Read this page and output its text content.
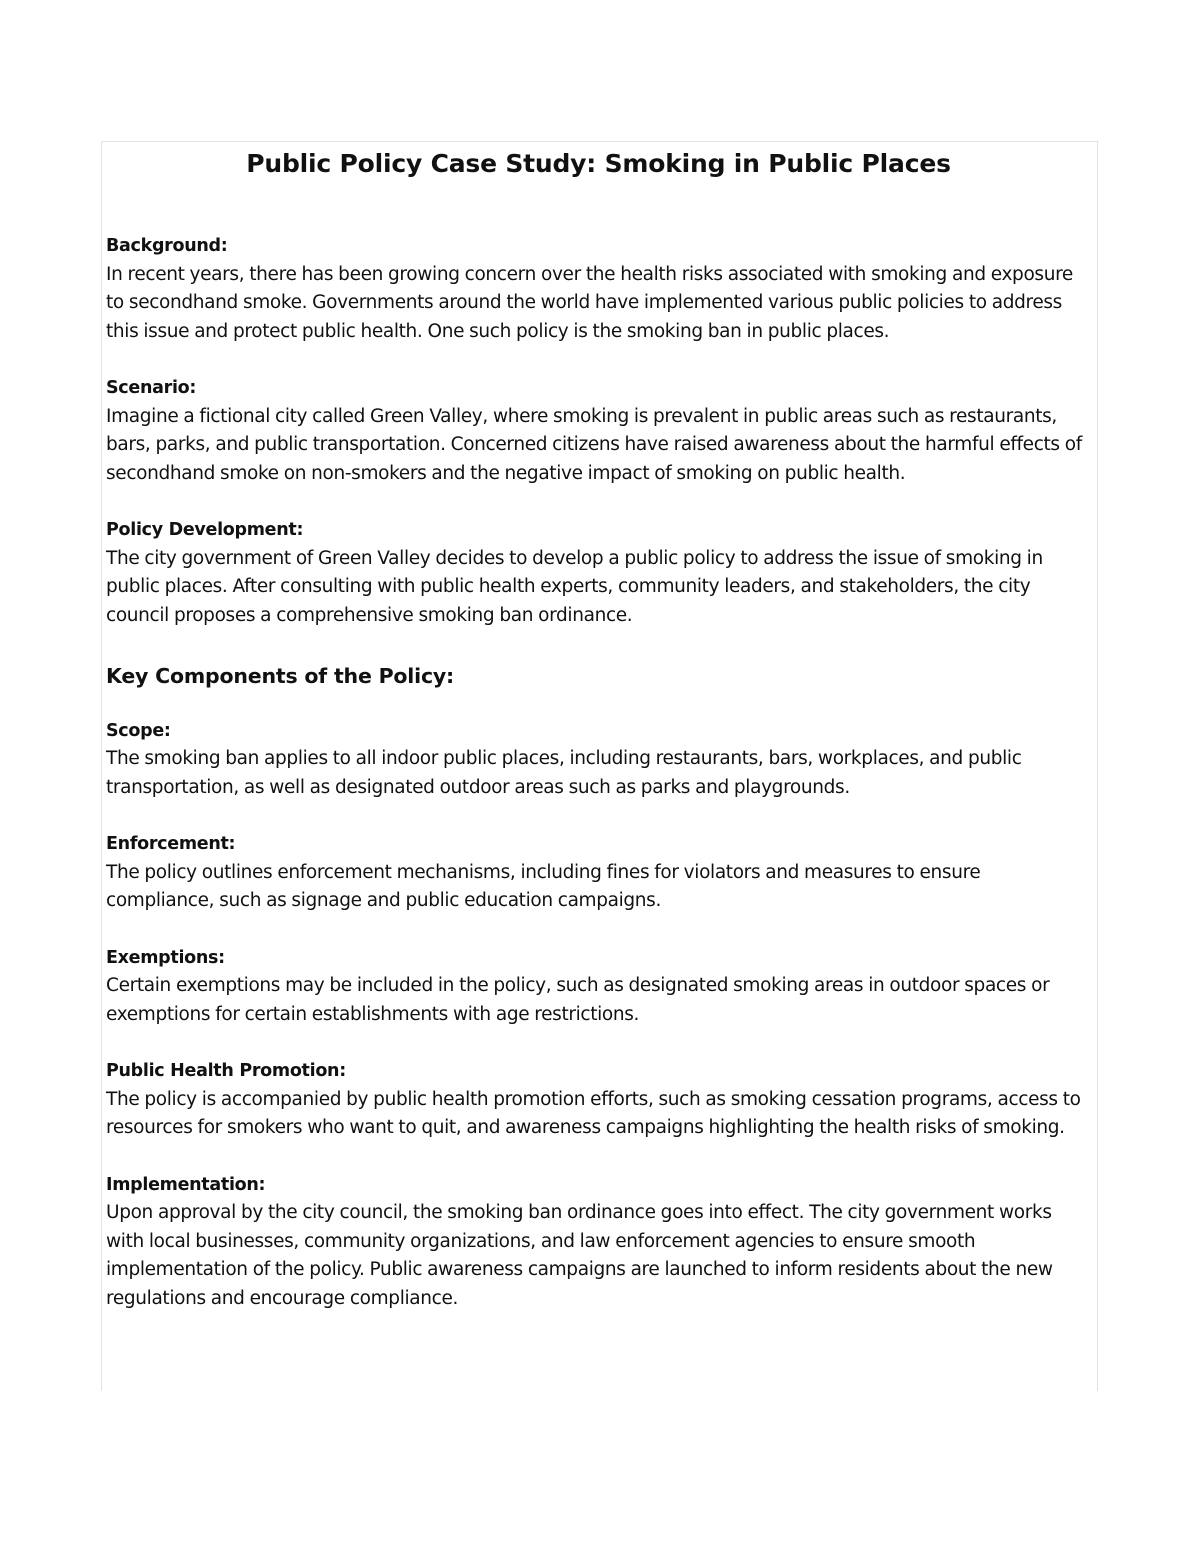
Public Policy Case Study: Smoking in Public Places

Background:

In recent years, there has been growing concern over the health risks associated with smoking and exposure to secondhand smoke. Governments around the world have implemented various public policies to address this issue and protect public health. One such policy is the smoking ban in public places.

Scenario:

Imagine a fictional city called Green Valley, where smoking is prevalent in public areas such as restaurants, bars, parks, and public transportation. Concerned citizens have raised awareness about the harmful effects of secondhand smoke on non-smokers and the negative impact of smoking on public health.

Policy Development:

The city government of Green Valley decides to develop a public policy to address the issue of smoking in public places. After consulting with public health experts, community leaders, and stakeholders, the city council proposes a comprehensive smoking ban ordinance.

Key Components of the Policy:

Scope:

The smoking ban applies to all indoor public places, including restaurants, bars, workplaces, and public transportation, as well as designated outdoor areas such as parks and playgrounds.

Enforcement:

The policy outlines enforcement mechanisms, including fines for violators and measures to ensure compliance, such as signage and public education campaigns.

Exemptions:

Certain exemptions may be included in the policy, such as designated smoking areas in outdoor spaces or exemptions for certain establishments with age restrictions.

Public Health Promotion:

The policy is accompanied by public health promotion efforts, such as smoking cessation programs, access to resources for smokers who want to quit, and awareness campaigns highlighting the health risks of smoking.

Implementation:

Upon approval by the city council, the smoking ban ordinance goes into effect. The city government works with local businesses, community organizations, and law enforcement agencies to ensure smooth implementation of the policy. Public awareness campaigns are launched to inform residents about the new regulations and encourage compliance.
